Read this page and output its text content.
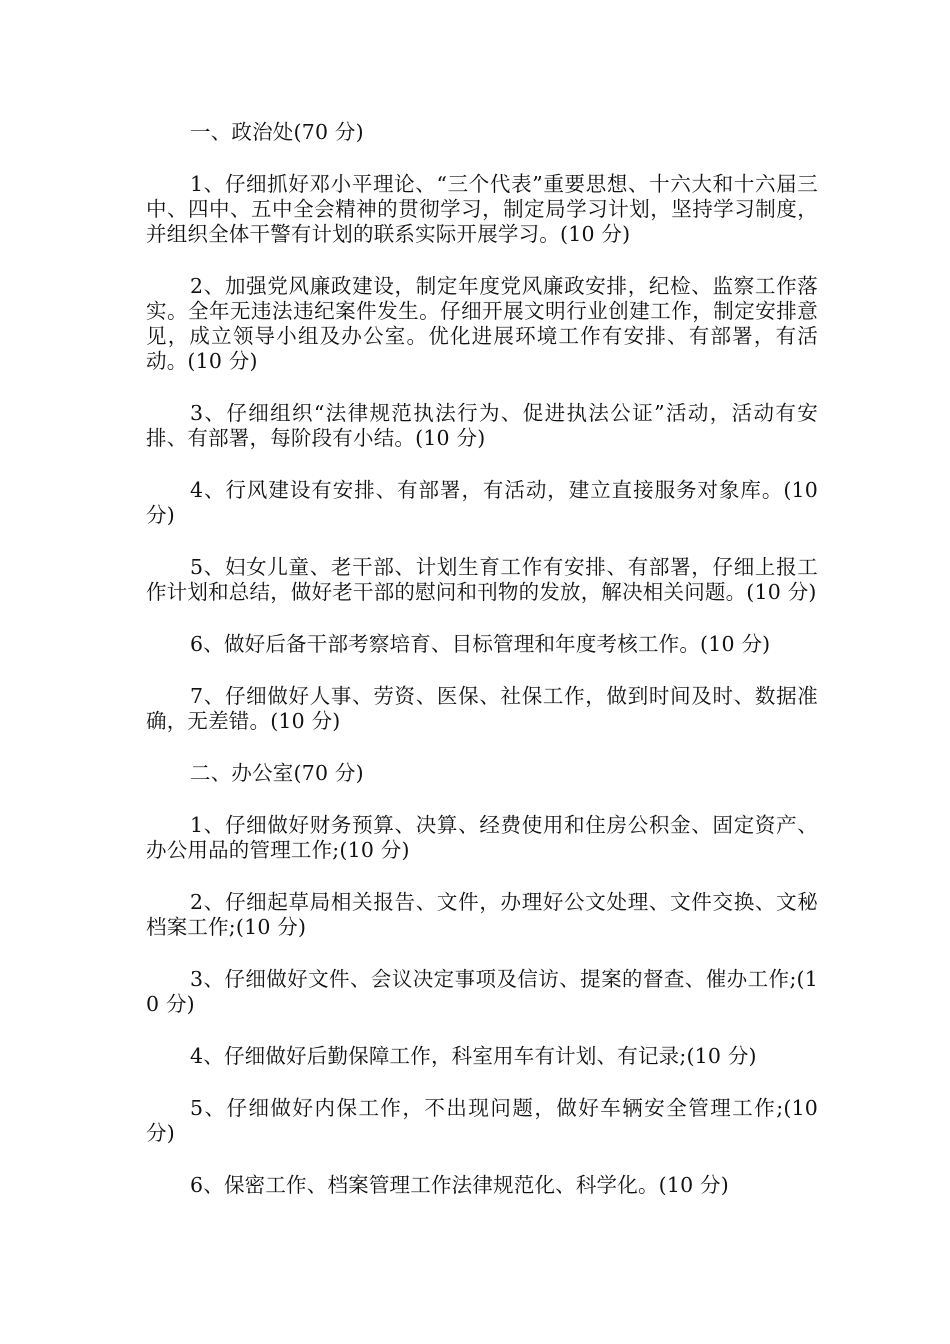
一、政治处(70 分)

1、仔细抓好邓小平理论、“三个代表”重要思想、十六大和十六届三中、四中、五中全会精神的贯彻学习，制定局学习计划，坚持学习制度，并组织全体干警有计划的联系实际开展学习。(10 分)

2、加强党风廉政建设，制定年度党风廉政安排，纪检、监察工作落实。全年无违法违纪案件发生。仔细开展文明行业创建工作，制定安排意见，成立领导小组及办公室。优化进展环境工作有安排、有部署，有活动。(10 分)

3、仔细组织“法律规范执法行为、促进执法公证”活动，活动有安排、有部署，每阶段有小结。(10 分)

4、行风建设有安排、有部署，有活动，建立直接服务对象库。(10 分)

5、妇女儿童、老干部、计划生育工作有安排、有部署，仔细上报工作计划和总结，做好老干部的慰问和刊物的发放，解决相关问题。(10 分)

6、做好后备干部考察培育、目标管理和年度考核工作。(10 分)

7、仔细做好人事、劳资、医保、社保工作，做到时间及时、数据准确，无差错。(10 分)

二、办公室(70 分)

1、仔细做好财务预算、决算、经费使用和住房公积金、固定资产、办公用品的管理工作;(10 分)

2、仔细起草局相关报告、文件，办理好公文处理、文件交换、文秘档案工作;(10 分)

3、仔细做好文件、会议决定事项及信访、提案的督查、催办工作;(10 分)

4、仔细做好后勤保障工作，科室用车有计划、有记录;(10 分)

5、仔细做好内保工作，不出现问题，做好车辆安全管理工作;(10 分)

6、保密工作、档案管理工作法律规范化、科学化。(10 分)
